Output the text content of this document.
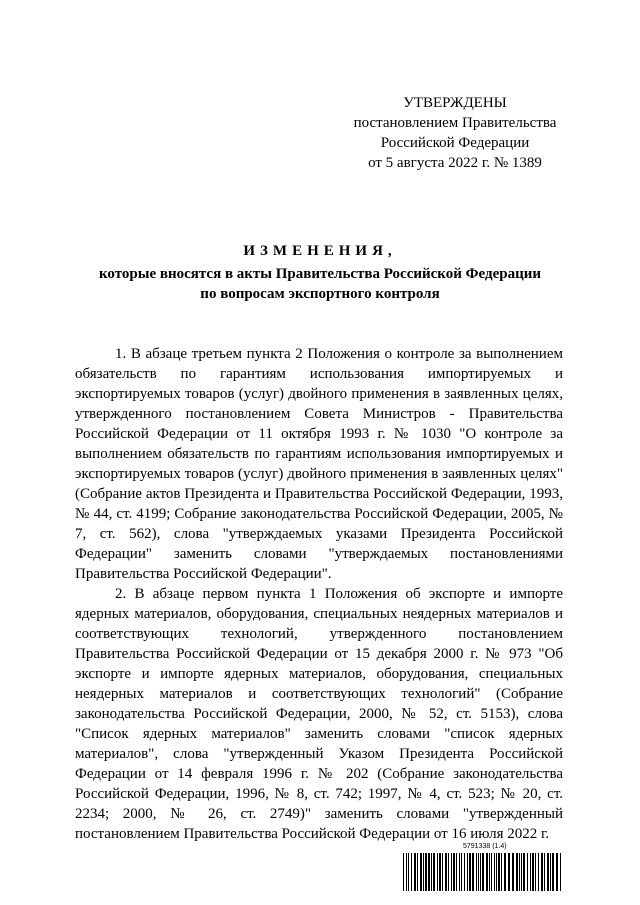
УТВЕРЖДЕНЫ
постановлением Правительства
Российской Федерации
от 5 августа 2022 г. № 1389
ИЗМЕНЕНИЯ,
которые вносятся в акты Правительства Российской Федерации
по вопросам экспортного контроля

1. В абзаце третьем пункта 2 Положения о контроле за выполнением обязательств по гарантиям использования импортируемых и экспортируемых товаров (услуг) двойного применения в заявленных целях, утвержденного постановлением Совета Министров - Правительства Российской Федерации от 11 октября 1993 г. № 1030 "О контроле за выполнением обязательств по гарантиям использования импортируемых и экспортируемых товаров (услуг) двойного применения в заявленных целях" (Собрание актов Президента и Правительства Российской Федерации, 1993, № 44, ст. 4199; Собрание законодательства Российской Федерации, 2005, № 7, ст. 562), слова "утверждаемых указами Президента Российской Федерации" заменить словами "утверждаемых постановлениями Правительства Российской Федерации".

2. В абзаце первом пункта 1 Положения об экспорте и импорте ядерных материалов, оборудования, специальных неядерных материалов и соответствующих технологий, утвержденного постановлением Правительства Российской Федерации от 15 декабря 2000 г. № 973 "Об экспорте и импорте ядерных материалов, оборудования, специальных неядерных материалов и соответствующих технологий" (Собрание законодательства Российской Федерации, 2000, № 52, ст. 5153), слова "Список ядерных материалов" заменить словами "список ядерных материалов", слова "утвержденный Указом Президента Российской Федерации от 14 февраля 1996 г. № 202 (Собрание законодательства Российской Федерации, 1996, № 8, ст. 742; 1997, № 4, ст. 523; № 20, ст. 2234; 2000, № 26, ст. 2749)" заменить словами "утвержденный постановлением Правительства Российской Федерации от 16 июля 2022 г.

5791338 (1.4)
